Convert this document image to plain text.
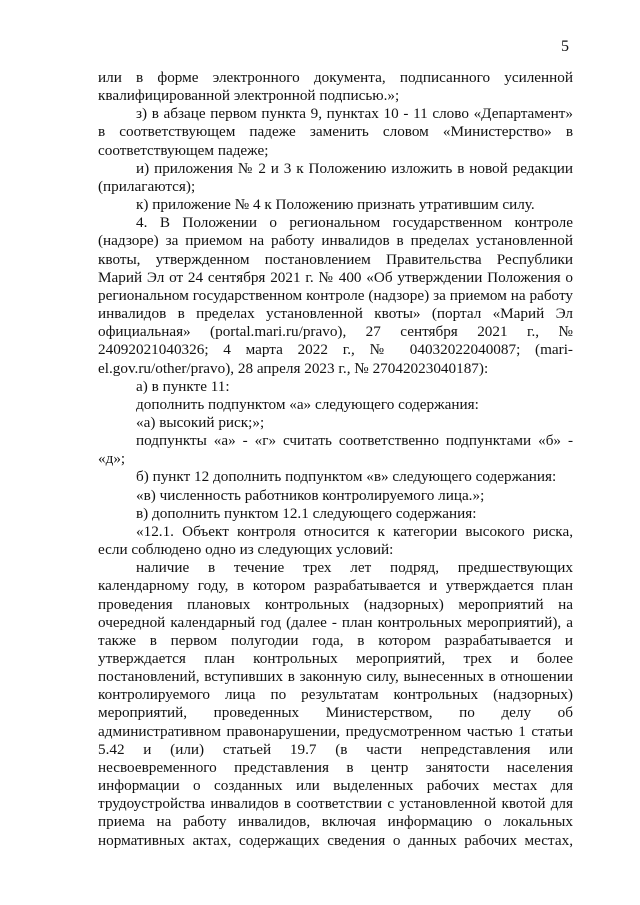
5

или в форме электронного документа, подписанного усиленной квалифицированной электронной подписью.»;

з) в абзаце первом пункта 9, пунктах 10 - 11 слово «Департамент» в соответствующем падеже заменить словом «Министерство» в соответствующем падеже;

и) приложения № 2 и 3 к Положению изложить в новой редакции (прилагаются);

к) приложение № 4 к Положению признать утратившим силу.

4. В Положении о региональном государственном контроле (надзоре) за приемом на работу инвалидов в пределах установленной квоты, утвержденном постановлением Правительства Республики Марий Эл от 24 сентября 2021 г. № 400 «Об утверждении Положения о региональном государственном контроле (надзоре) за приемом на работу инвалидов в пределах установленной квоты» (портал «Марий Эл официальная» (portal.mari.ru/pravo), 27 сентября 2021 г., № 24092021040326; 4 марта 2022 г., № 04032022040087; (mari-el.gov.ru/other/pravo), 28 апреля 2023 г., № 27042023040187):

а) в пункте 11:

дополнить подпунктом «а» следующего содержания:

«а) высокий риск;»;

подпункты «а» - «г» считать соответственно подпунктами «б» - «д»;

б) пункт 12 дополнить подпунктом «в» следующего содержания:

«в) численность работников контролируемого лица.»;

в) дополнить пунктом 12.1 следующего содержания:

«12.1. Объект контроля относится к категории высокого риска, если соблюдено одно из следующих условий:

наличие в течение трех лет подряд, предшествующих календарному году, в котором разрабатывается и утверждается план проведения плановых контрольных (надзорных) мероприятий на очередной календарный год (далее - план контрольных мероприятий), а также в первом полугодии года, в котором разрабатывается и утверждается план контрольных мероприятий, трех и более постановлений, вступивших в законную силу, вынесенных в отношении контролируемого лица по результатам контрольных (надзорных) мероприятий, проведенных Министерством, по делу об административном правонарушении, предусмотренном частью 1 статьи 5.42 и (или) статьей 19.7 (в части непредставления или несвоевременного представления в центр занятости населения информации о созданных или выделенных рабочих местах для трудоустройства инвалидов в соответствии с установленной квотой для приема на работу инвалидов, включая информацию о локальных нормативных актах, содержащих сведения о данных рабочих местах,
